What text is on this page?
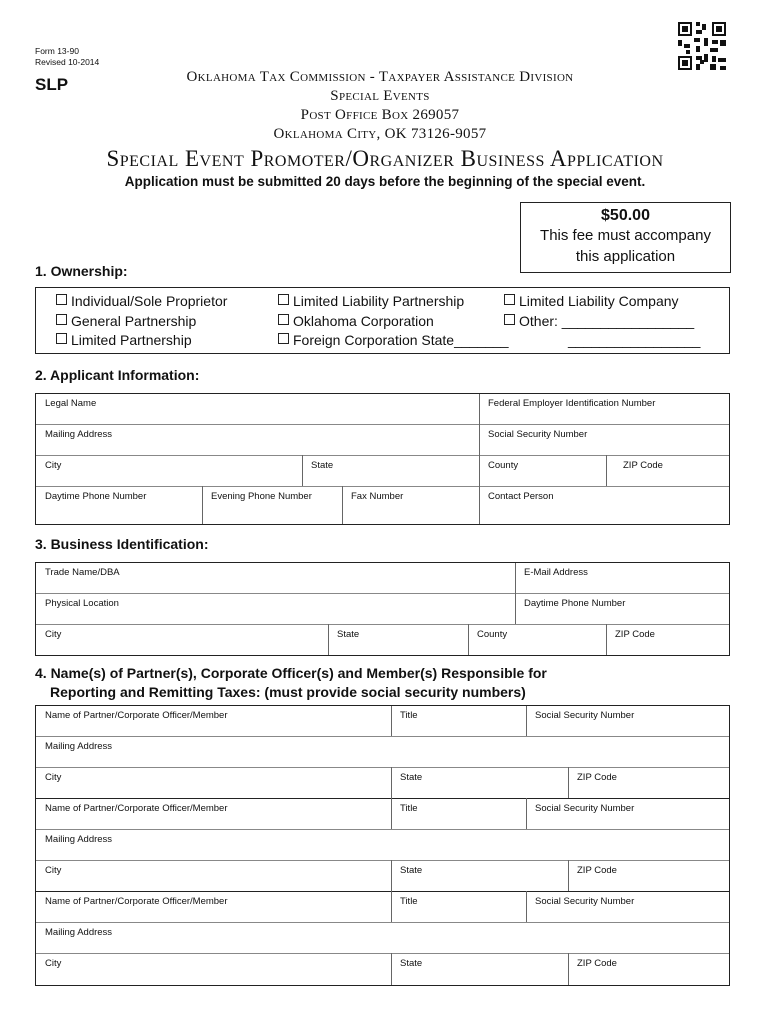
Form 13-90
Revised 10-2014
SLP	Oklahoma Tax Commission - Taxpayer Assistance Division
Special Events
Post Office Box 269057
Oklahoma City, OK 73126-9057
Special Event Promoter/Organizer Business Application
Application must be submitted 20 days before the beginning of the special event.
$50.00
This fee must accompany
this application
1. Ownership:
Individual/Sole Proprietor	Limited Liability Partnership	Limited Liability Company
General Partnership	Oklahoma Corporation	Other: _________________
Limited Partnership	Foreign Corporation State_______	_________________
2. Applicant Information:
Legal Name	Federal Employer Identification Number
Mailing Address	Social Security Number
City	State	County	ZIP Code
Daytime Phone Number	Evening Phone Number	Fax Number	Contact Person
3. Business Identification:
Trade Name/DBA	E-Mail Address
Physical Location	Daytime Phone Number
City	State	County	ZIP Code
4. Name(s) of Partner(s), Corporate Officer(s) and Member(s) Responsible for
Reporting and Remitting Taxes: (must provide social security numbers)
Name of Partner/Corporate Officer/Member	Title	Social Security Number
Mailing Address
City	State	ZIP Code
Name of Partner/Corporate Officer/Member	Title	Social Security Number
Mailing Address
City	State	ZIP Code
Name of Partner/Corporate Officer/Member	Title	Social Security Number
Mailing Address
City	State	ZIP Code
